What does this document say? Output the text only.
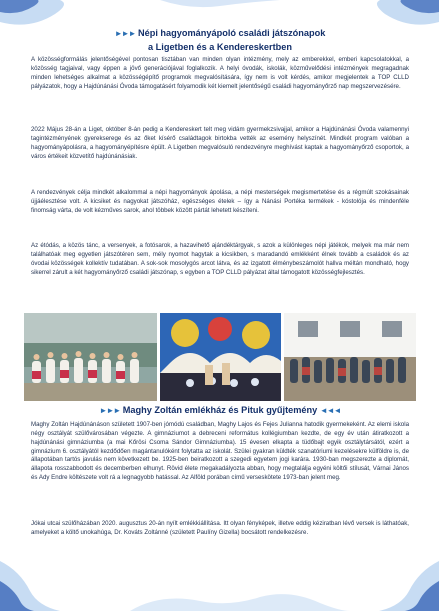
►►► Népi hagyományápoló családi játszónapok
a Ligetben és a Kendereskertben

A közösségformálás jelentőségével pontosan tisztában van minden olyan intézmény, mely az emberekkel, emberi kapcsolatokkal, a közösség tagjaival, vagy éppen a jövő generációjával foglalkozik. A helyi óvodák, iskolák, közművelődési intézmények megragadnak minden lehetséges alkalmat a közösségépítő programok megvalósítására, így nem is volt kérdés, amikor megjelentek a TOP CLLD pályázatok, hogy a Hajdúnánási Óvoda támogatásért folyamodik két kiemelt jelentőségű családi hagyományőrző nap megszervezésére.

2022 Május 28-án a Liget, október 8-án pedig a Kendereskert telt meg vidám gyermekzsivajjal, amikor a Hajdúnánási Óvoda valamennyi tagintézményének gyerekserege és az őket kísérő családtagok birtokba vették az esemény helyszínét. Mindkét program valóban a hagyományápolásra, a hagyományépítésre épült. A Ligetben megvalósuló rendezvényre meghívást kaptak a hagyományőrző csoportok, a város értékeit közvetítő hajdúnánásiak.

A rendezvények célja mindkét alkalommal a népi hagyományok ápolása, a népi mesterségek megismertetése és a régmúlt szokásainak újjáélesztése volt. A kicsiket és nagyokat játszóház, egészséges ételek – így a Nánási Portéka termékek - kóstolója és mindenféle finomság várta, de volt kézműves sarok, ahol többek között pártát lehetett készíteni.

Az étódás, a közös tánc, a versenyek, a fotósarok, a hazavihető ajándéktárgyak, s azok a különleges népi játékok, melyek ma már nem találhatóak meg egyetlen játszótéren sem, mély nyomot hagytak a kicsikben, s maradandó emlékként élnek tovább a családok és az óvodai közösségek kollektív tudatában. A sok-sok mosolygós arcot látva, és az izgatott élménybeszámolót hallva méltán mondható, hogy sikerrel zárult a két hagyományőrző családi játszónap, s egyben a TOP CLLD pályázat által támogatott közösségfejlesztés.

►►► Maghy Zoltán emlékház és Pituk gyűjtemény ◄◄◄

Maghy Zoltán Hajdúnánáson született 1907-ben jómódú családban, Maghy Lajos és Fejes Julianna hatodik gyermekeként. Az elemi iskola négy osztályát szülővárosában végezte. A gimnáziumot a debreceni református kollégiumban kezdte, de egy év után átiratkozott a hajdúnánási gimnáziumba (a mai Kőrösi Csoma Sándor Gimnáziumba). 15 évesen elkapta a tüdőbajt egyik osztálytársától, ezért a gimnázium 6. osztályától kezdődően magántanulóként folytatta az iskolát. Szülei gyakran küldték szanatóriumi kezelésekre külföldre is, de állapotában tartós javulás nem következett be. 1925-ben beiratkozott a szegedi egyetem jogi karára. 1930-ban megszerezte a diplomát, állapota rosszabbodott és decemberben elhunyt. Rövid élete megakadályozta abban, hogy megtalálja egyéni költői stílusát, Várnai János és Ady Endre költészete volt rá a legnagyobb hatással. Az Alföld porában című verseskötete 1973-ban jelent meg.

Jókai utcai szülőházában 2020. augusztus 20-án nyílt emlékkiállítása. Itt olyan fényképek, illetve eddig kéziratban lévő versek is láthatóak, amelyeket a költő unokahúga, Dr. Kováts Zoltánné (született Paulíny Gizella) bocsátott rendelkezésre.
